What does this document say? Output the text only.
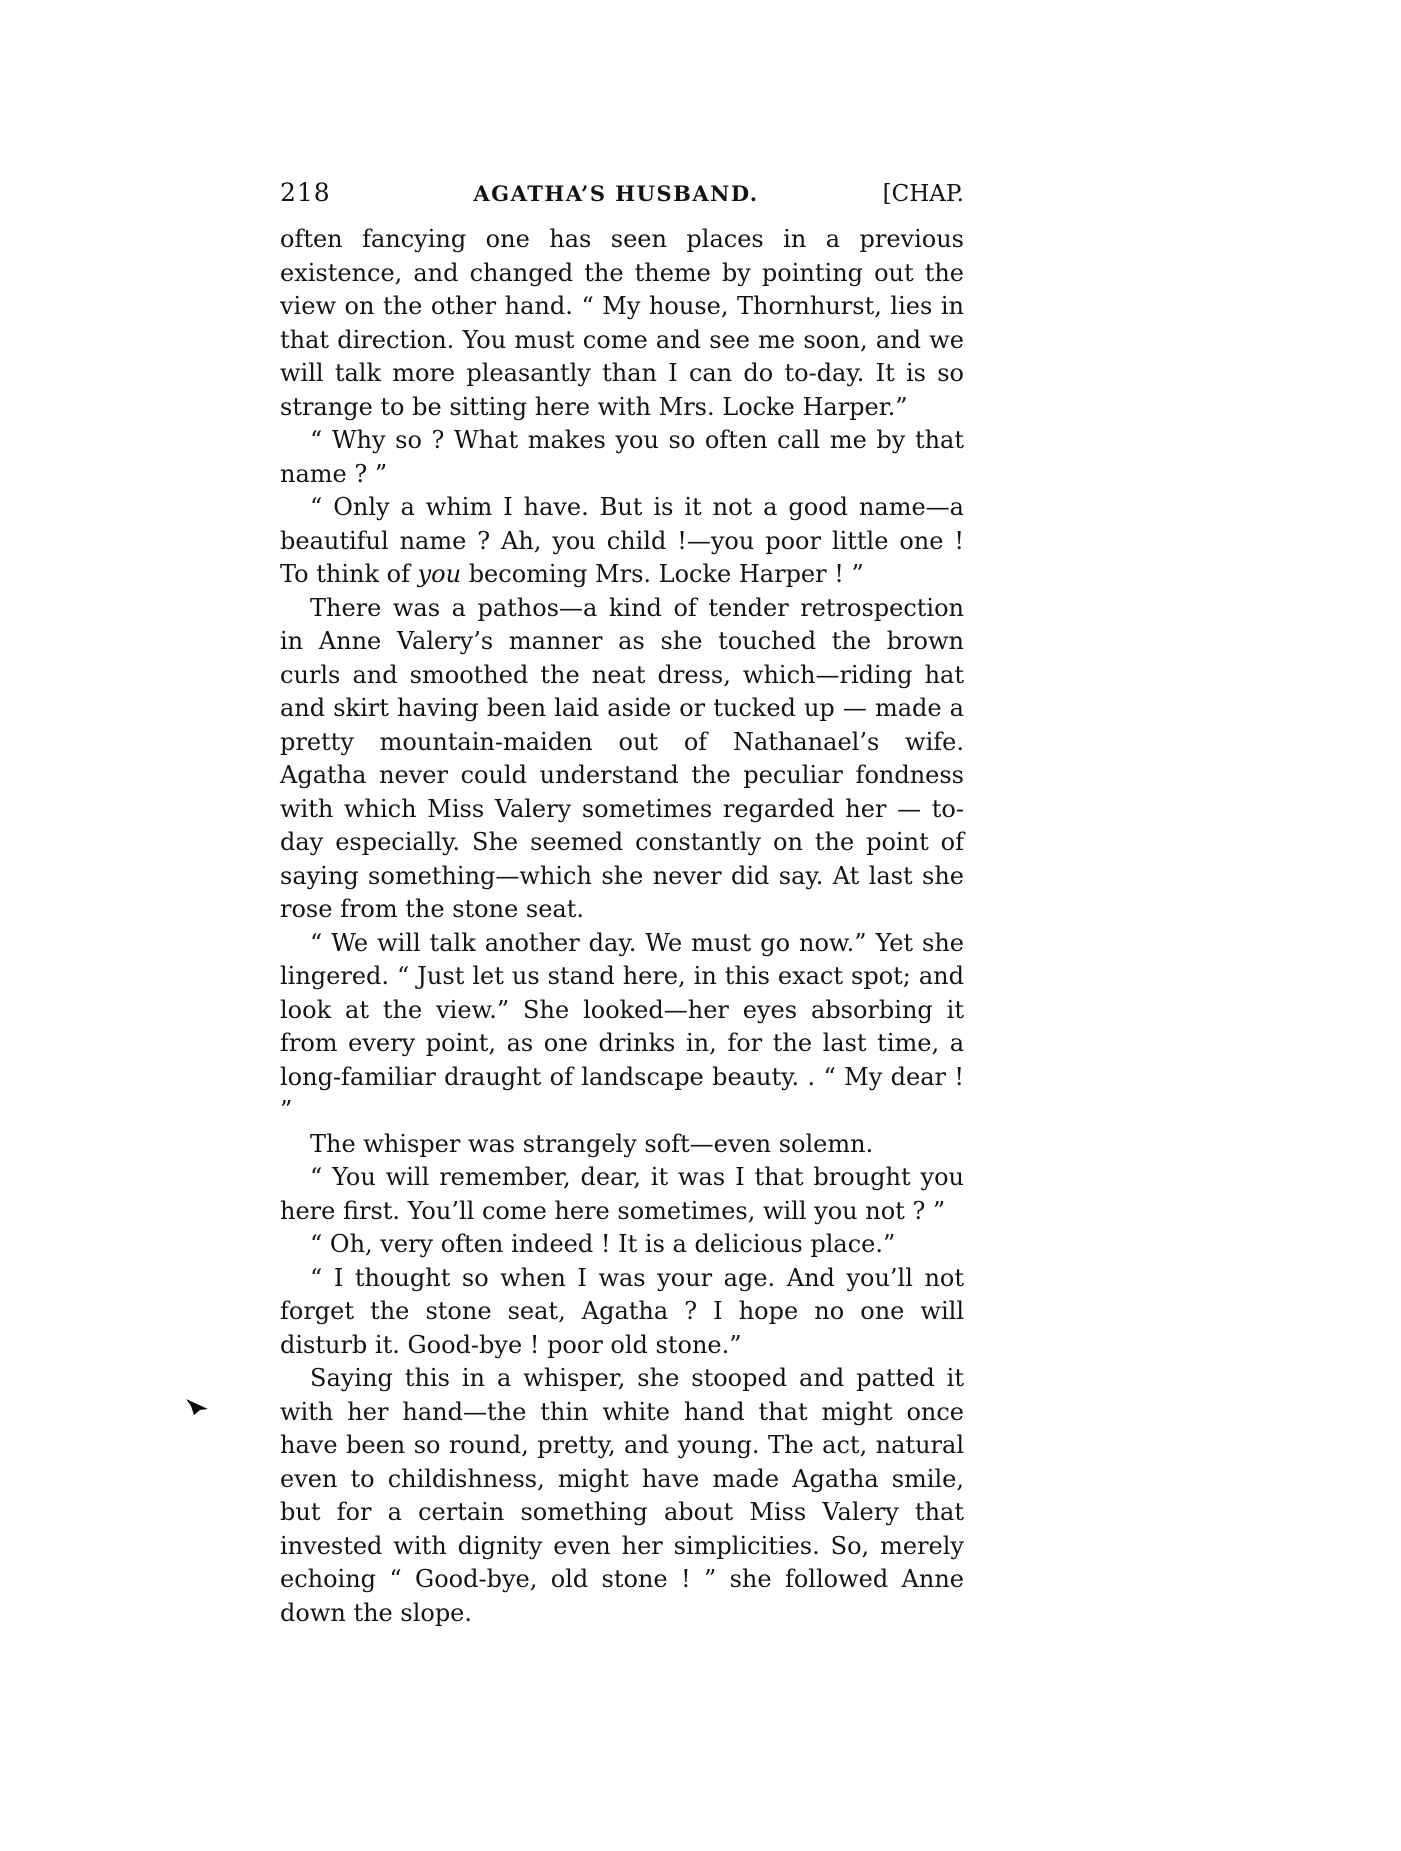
218	AGATHA’S HUSBAND.	[CHAP.

often fancying one has seen places in a previous existence, and changed the theme by pointing out the view on the other hand. “ My house, Thornhurst, lies in that direction. You must come and see me soon, and we will talk more pleasantly than I can do to-day. It is so strange to be sitting here with Mrs. Locke Harper.”

“ Why so ? What makes you so often call me by that name ? ”

“ Only a whim I have. But is it not a good name—a beautiful name ? Ah, you child !—you poor little one ! To think of you becoming Mrs. Locke Harper ! ”

There was a pathos—a kind of tender retrospection in Anne Valery’s manner as she touched the brown curls and smoothed the neat dress, which—riding hat and skirt having been laid aside or tucked up — made a pretty mountain-maiden out of Nathanael’s wife. Agatha never could understand the peculiar fondness with which Miss Valery sometimes regarded her — to-day especially. She seemed constantly on the point of saying something—which she never did say. At last she rose from the stone seat.

“ We will talk another day. We must go now.” Yet she lingered. “ Just let us stand here, in this exact spot; and look at the view.” She looked—her eyes absorbing it from every point, as one drinks in, for the last time, a long-familiar draught of landscape beauty. . “ My dear ! ”

The whisper was strangely soft—even solemn.

“ You will remember, dear, it was I that brought you here first. You’ll come here sometimes, will you not ? ”

“ Oh, very often indeed ! It is a delicious place.”

“ I thought so when I was your age. And you’ll not forget the stone seat, Agatha ? I hope no one will disturb it. Good-bye ! poor old stone.”

Saying this in a whisper, she stooped and patted it with her hand—the thin white hand that might once have been so round, pretty, and young. The act, natural even to childishness, might have made Agatha smile, but for a certain something about Miss Valery that invested with dignity even her simplicities. So, merely echoing “ Good-bye, old stone ! ” she followed Anne down the slope.
